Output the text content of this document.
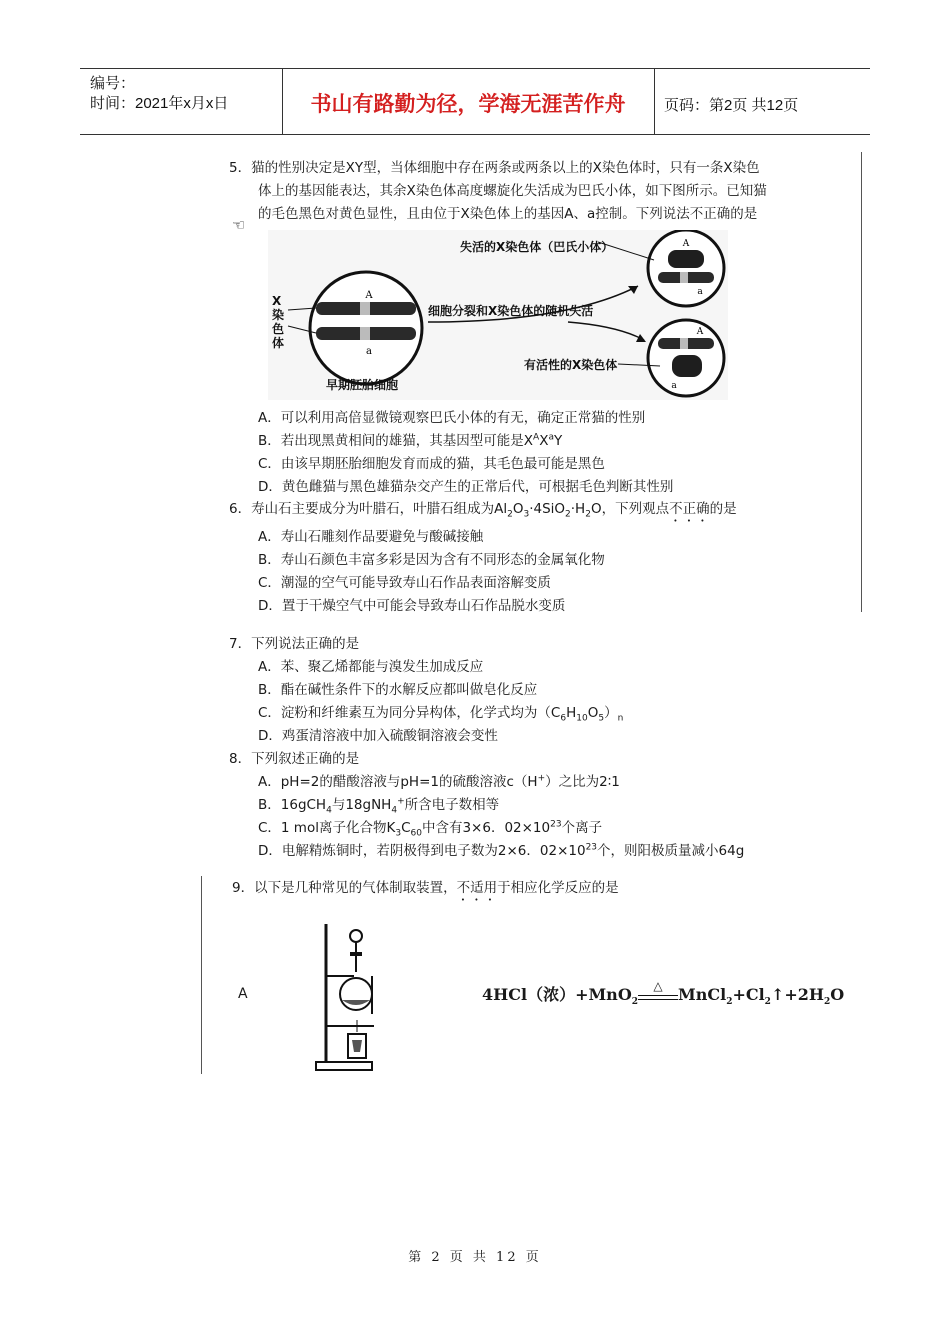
编号：
时间：2021年x月x日	书山有路勤为径，学海无涯苦作舟	页码：第2页 共12页
5．猫的性别决定是XY型，当体细胞中存在两条或两条以上的X染色体时，只有一条X染色
体上的基因能表达，其余X染色体高度螺旋化失活成为巴氏小体，如下图所示。已知猫
的毛色黑色对黄色显性，且由位于X染色体上的基因A、a控制。下列说法不正确的是
☜
A
a
A
a
A
a
失活的X染色体（巴氏小体）
细胞分裂和X染色体的随机失活
有活性的X染色体
早期胚胎细胞
X染色体
A．可以利用高倍显微镜观察巴氏小体的有无，确定正常猫的性别
B．若出现黑黄相间的雄猫，其基因型可能是$X^AX^aY$
C．由该早期胚胎细胞发育而成的猫，其毛色最可能是黑色
D．黄色雌猫与黑色雄猫杂交产生的正常后代，可根据毛色判断其性别
6．寿山石主要成分为叶腊石，叶腊石组成为$Al_2O_3\cdot 4SiO_2\cdot H_2O$，下列观点不正确的是
A．寿山石雕刻作品要避免与酸碱接触
B．寿山石颜色丰富多彩是因为含有不同形态的金属氧化物
C．潮湿的空气可能导致寿山石作品表面溶解变质
D．置于干燥空气中可能会导致寿山石作品脱水变质
7．下列说法正确的是
A．苯、聚乙烯都能与溴发生加成反应
B．酯在碱性条件下的水解反应都叫做皂化反应
C．淀粉和纤维素互为同分异构体，化学式均为$(C_6H_{10}O_5)_n$
D．鸡蛋清溶液中加入硫酸铜溶液会变性
8．下列叙述正确的是
A．pH=2的醋酸溶液与pH=1的硫酸溶液c（H+）之比为2∶1
B．16gCH$_4$与18gNH$_4$+所含电子数相等
C．1 mol离子化合物$K_3C_{60}$中含有3×6．$02\times 10^{23}$个离子
D．电解精炼铜时，若阴极得到电子数为2×6．$02\times 10^{23}$个，则阳极质量减小64g
9．以下是几种常见的气体制取装置，不适用于相应化学反应的是
A	4HCl（浓）+MnO$_2$
△ $MnCl_2+Cl_2↑+2H_2O$
第 2 页 共 12 页
